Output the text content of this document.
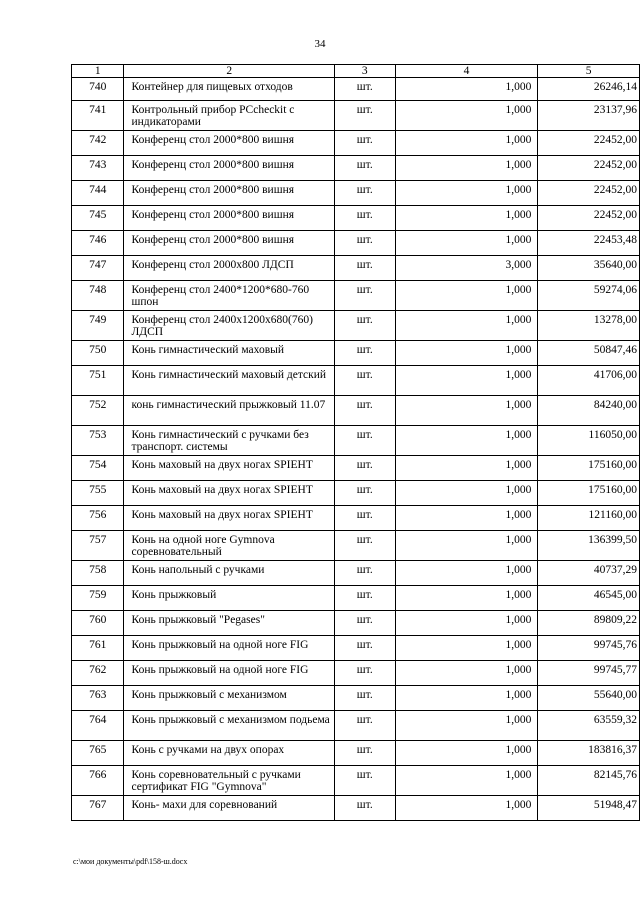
34
1	2	3	4	5
740	Контейнер для пищевых отходов	шт.	1,000	26246,14
741	Контрольный прибор PCcheckit с индикаторами	шт.	1,000	23137,96
742	Конференц стол 2000*800 вишня	шт.	1,000	22452,00
743	Конференц стол 2000*800 вишня	шт.	1,000	22452,00
744	Конференц стол 2000*800 вишня	шт.	1,000	22452,00
745	Конференц стол 2000*800 вишня	шт.	1,000	22452,00
746	Конференц стол 2000*800 вишня	шт.	1,000	22453,48
747	Конференц стол 2000x800 ЛДСП	шт.	3,000	35640,00
748	Конференц стол 2400*1200*680-760 шпон	шт.	1,000	59274,06
749	Конференц стол 2400x1200x680(760) ЛДСП	шт.	1,000	13278,00
750	Конь гимнастический маховый	шт.	1,000	50847,46
751	Конь гимнастический маховый детский	шт.	1,000	41706,00
752	конь гимнастический прыжковый 11.07	шт.	1,000	84240,00
753	Конь гимнастический с ручками без транспорт. системы	шт.	1,000	116050,00
754	Конь маховый на двух ногах SPIEHT	шт.	1,000	175160,00
755	Конь маховый на двух ногах SPIEHT	шт.	1,000	175160,00
756	Конь маховый на двух ногах SPIEHT	шт.	1,000	121160,00
757	Конь на одной ноге Gymnova соревновательный	шт.	1,000	136399,50
758	Конь напольный с ручками	шт.	1,000	40737,29
759	Конь прыжковый	шт.	1,000	46545,00
760	Конь прыжковый "Pegases"	шт.	1,000	89809,22
761	Конь прыжковый на одной ноге FIG	шт.	1,000	99745,76
762	Конь прыжковый на одной ноге FIG	шт.	1,000	99745,77
763	Конь прыжковый с механизмом	шт.	1,000	55640,00
764	Конь прыжковый с механизмом подьема	шт.	1,000	63559,32
765	Конь с ручками на двух опорах	шт.	1,000	183816,37
766	Конь соревновательный с ручками сертификат FIG "Gymnova"	шт.	1,000	82145,76
767	Конь- махи для соревнований	шт.	1,000	51948,47
c:\мои документы\pdf\158-ш.docx
